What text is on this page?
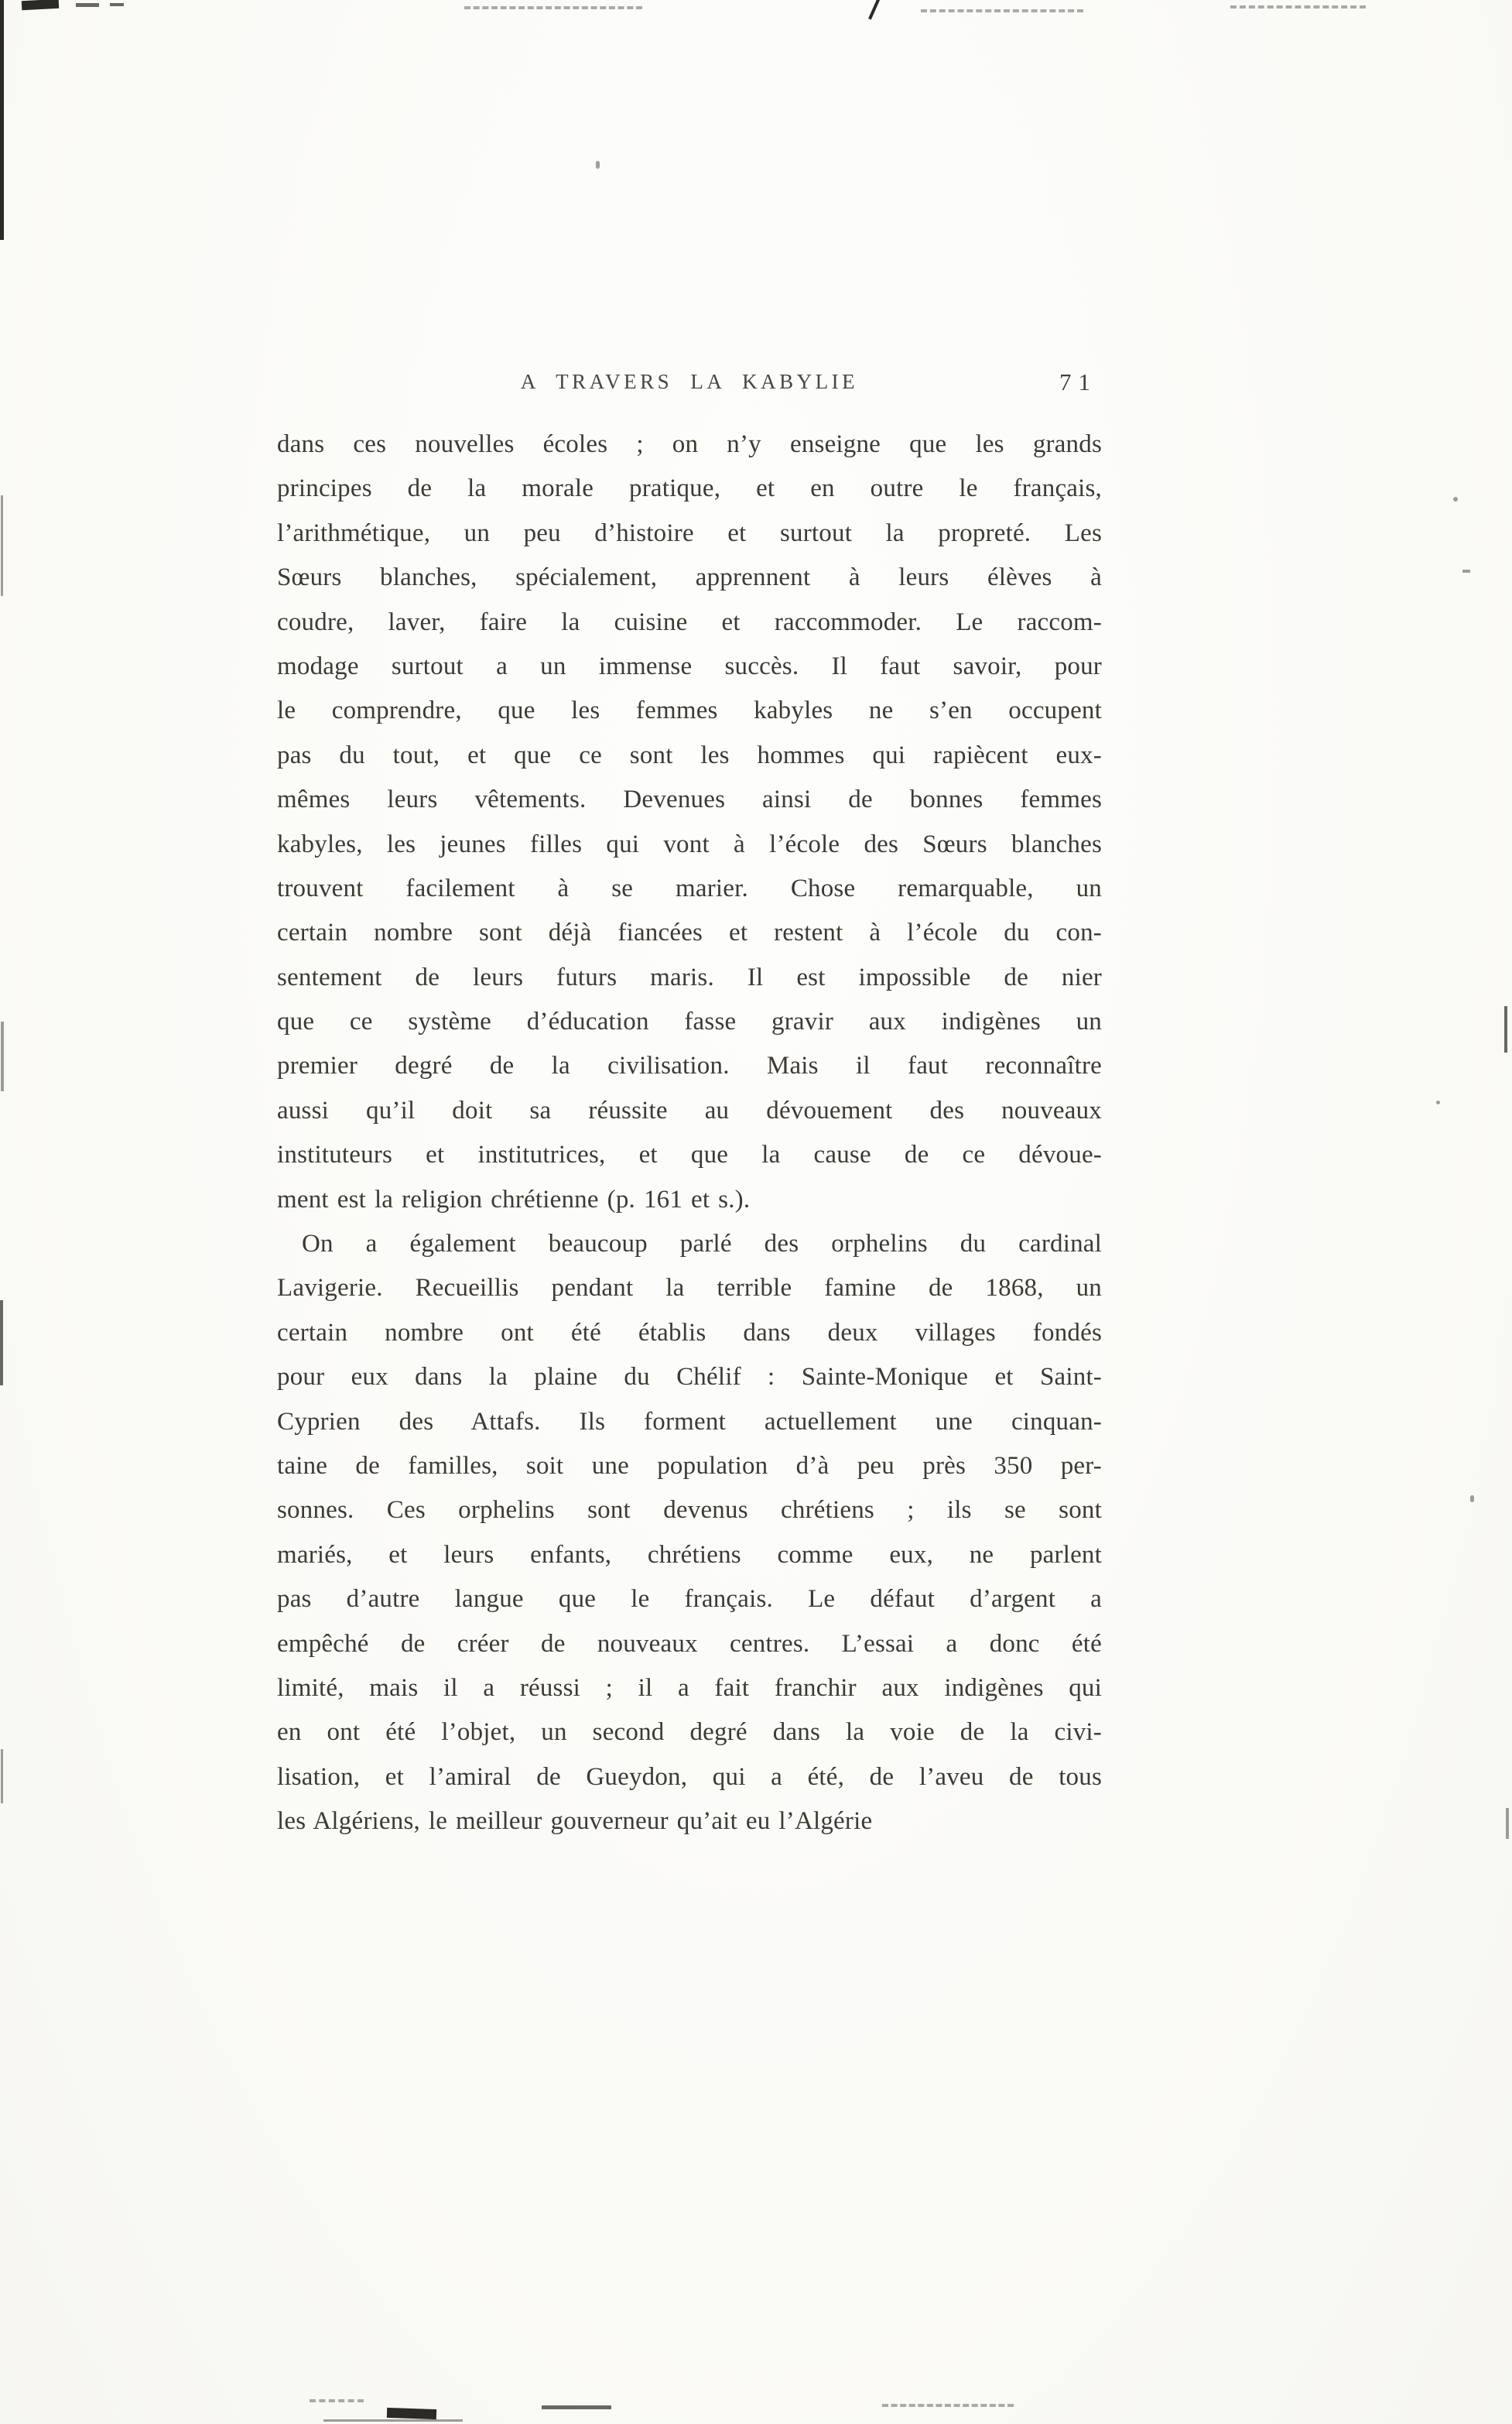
A TRAVERS LA KABYLIE	71
dans ces nouvelles écoles ; on n’y enseigne que les grands
principes de la morale pratique, et en outre le français,
l’arithmétique, un peu d’histoire et surtout la propreté. Les
Sœurs blanches, spécialement, apprennent à leurs élèves à
coudre, laver, faire la cuisine et raccommoder. Le raccom-
modage surtout a un immense succès. Il faut savoir, pour
le comprendre, que les femmes kabyles ne s’en occupent
pas du tout, et que ce sont les hommes qui rapiècent eux-
mêmes leurs vêtements. Devenues ainsi de bonnes femmes
kabyles, les jeunes filles qui vont à l’école des Sœurs blanches
trouvent facilement à se marier. Chose remarquable, un
certain nombre sont déjà fiancées et restent à l’école du con-
sentement de leurs futurs maris. Il est impossible de nier
que ce système d’éducation fasse gravir aux indigènes un
premier degré de la civilisation. Mais il faut reconnaître
aussi qu’il doit sa réussite au dévouement des nouveaux
instituteurs et institutrices, et que la cause de ce dévoue-
ment est la religion chrétienne (p. 161 et s.).
On a également beaucoup parlé des orphelins du cardinal
Lavigerie. Recueillis pendant la terrible famine de 1868, un
certain nombre ont été établis dans deux villages fondés
pour eux dans la plaine du Chélif : Sainte-Monique et Saint-
Cyprien des Attafs. Ils forment actuellement une cinquan-
taine de familles, soit une population d’à peu près 350 per-
sonnes. Ces orphelins sont devenus chrétiens ; ils se sont
mariés, et leurs enfants, chrétiens comme eux, ne parlent
pas d’autre langue que le français. Le défaut d’argent a
empêché de créer de nouveaux centres. L’essai a donc été
limité, mais il a réussi ; il a fait franchir aux indigènes qui
en ont été l’objet, un second degré dans la voie de la civi-
lisation, et l’amiral de Gueydon, qui a été, de l’aveu de tous
les Algériens, le meilleur gouverneur qu’ait eu l’Algérie
